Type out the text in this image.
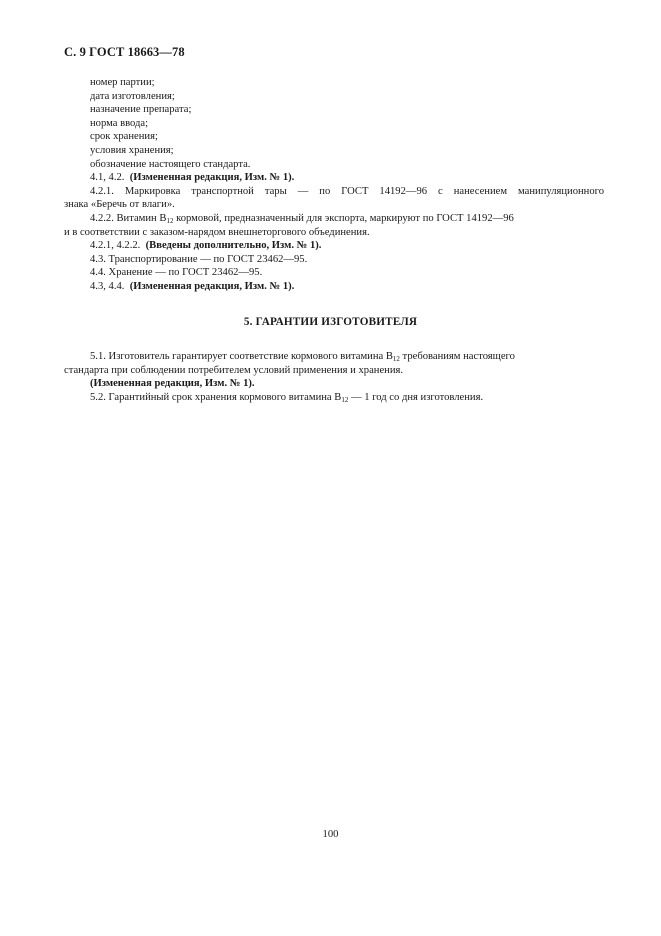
С. 9 ГОСТ 18663—78
номер партии;
дата изготовления;
назначение препарата;
норма ввода;
срок хранения;
условия хранения;
обозначение настоящего стандарта.
4.1, 4.2. (Измененная редакция, Изм. № 1).
4.2.1. Маркировка транспортной тары — по ГОСТ 14192—96 с нанесением манипуляционного
знака «Беречь от влаги».
4.2.2. Витамин $В_{12}$ кормовой, предназначенный для экспорта, маркируют по ГОСТ 14192—96
и в соответствии с заказом-нарядом внешнеторгового объединения.
4.2.1, 4.2.2. (Введены дополнительно, Изм. № 1).
4.3. Транспортирование — по ГОСТ 23462—95.
4.4. Хранение — по ГОСТ 23462—95.
4.3, 4.4. (Измененная редакция, Изм. № 1).
5. ГАРАНТИИ ИЗГОТОВИТЕЛЯ
5.1. Изготовитель гарантирует соответствие кормового витамина $В_{12}$ требованиям настоящего
стандарта при соблюдении потребителем условий применения и хранения.
(Измененная редакция, Изм. № 1).
5.2. Гарантийный срок хранения кормового витамина $В_{12}$ — 1 год со дня изготовления.
100
